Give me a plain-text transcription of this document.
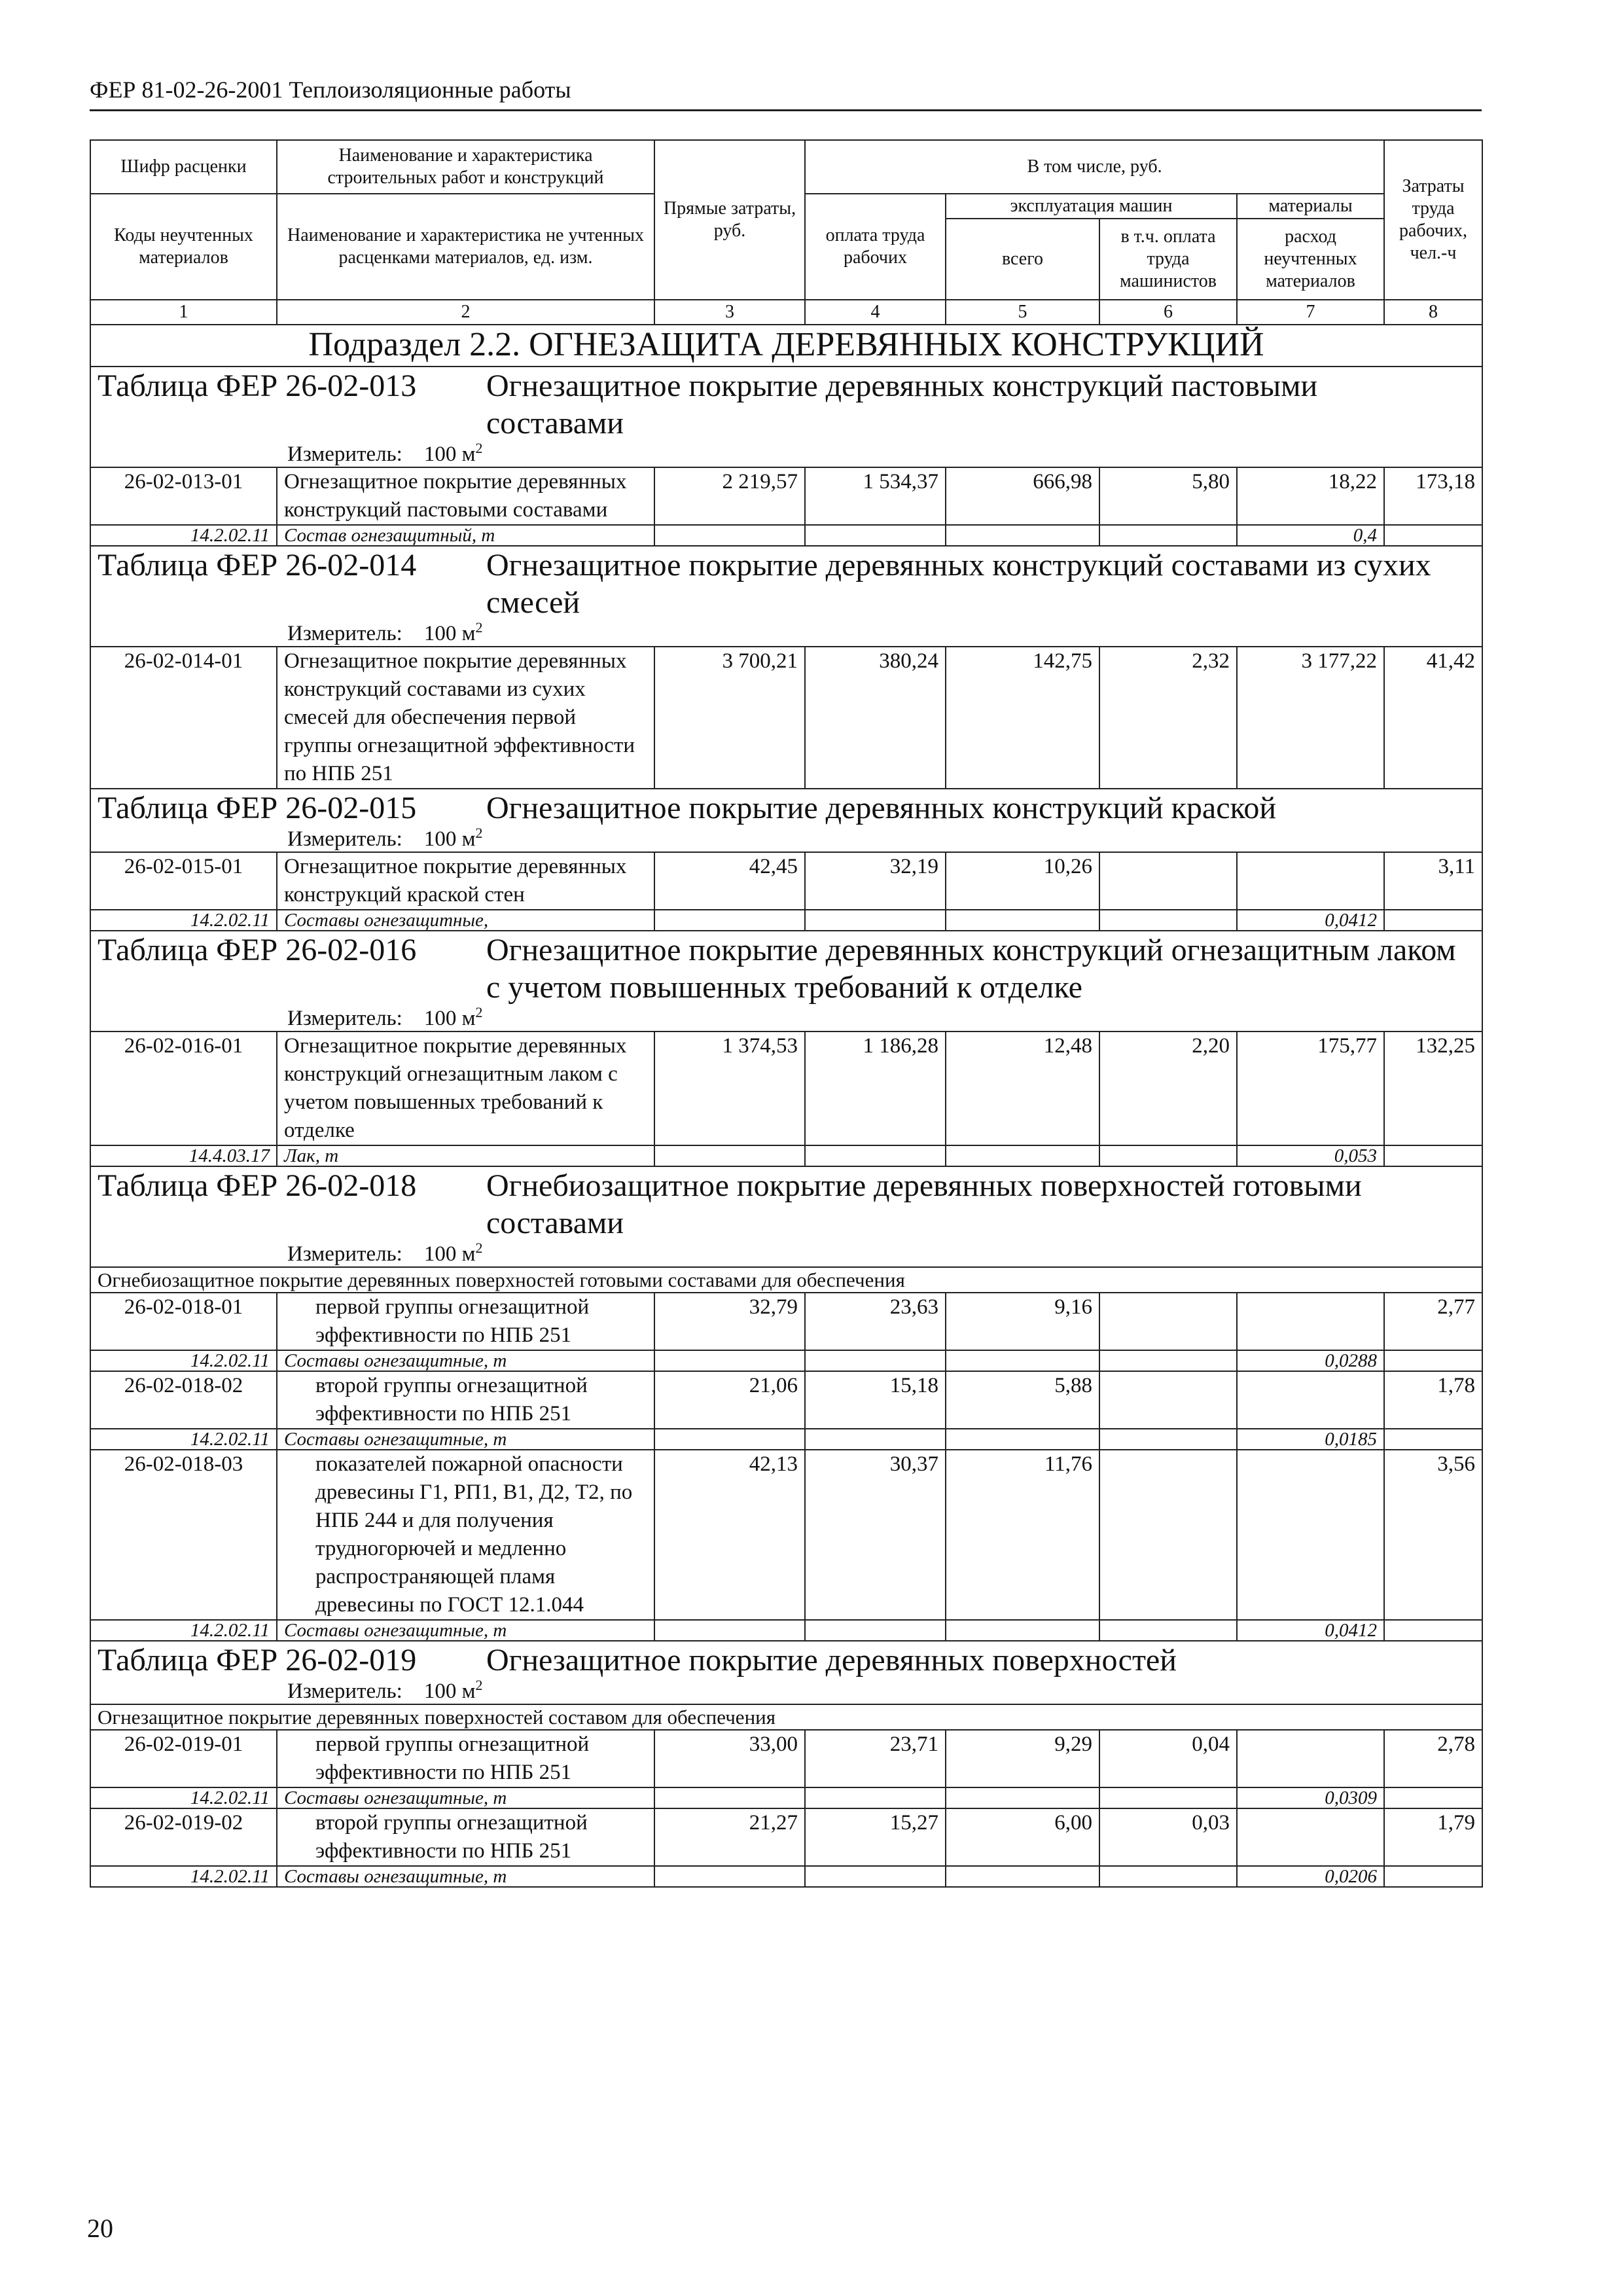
ФЕР 81-02-26-2001 Теплоизоляционные работы
Шифр расценки	Наименование и характеристика строительных работ и конструкций	Прямые затраты, руб.	В том числе, руб.				Затраты труда рабочих, чел.-ч
Коды неучтенных материалов	Наименование и характеристика не учтенных расценками материалов, ед. изм.		оплата труда рабочих	эксплуатация машин		материалы	
				всего	в т.ч. оплата труда машинистов	расход неучтенных материалов	
1	2	3	4	5	6	7	8
Подраздел 2.2. ОГНЕЗАЩИТА ДЕРЕВЯННЫХ КОНСТРУКЦИЙ							
Таблица ФЕР 26-02-013 Огнезащитное покрытие деревянных конструкций пастовыми составами
Измеритель:  100 $м^2$

26-02-013-01	Огнезащитное покрытие деревянных конструкций пастовыми составами	2 219,57	1 534,37	666,98	5,80	18,22	173,18
14.2.02.11	Состав огнезащитный, т					0,4	
Таблица ФЕР 26-02-014 Огнезащитное покрытие деревянных конструкций составами из сухих смесей
Измеритель:  100 $м^2$

26-02-014-01	Огнезащитное покрытие деревянных конструкций составами из сухих смесей для обеспечения первой группы огнезащитной эффективности по НПБ 251	3 700,21	380,24	142,75	2,32	3 177,22	41,42
Таблица ФЕР 26-02-015 Огнезащитное покрытие деревянных конструкций краской
Измеритель:  100 $м^2$

26-02-015-01	Огнезащитное покрытие деревянных конструкций краской стен	42,45	32,19	10,26			3,11
14.2.02.11	Составы огнезащитные,					0,0412	
Таблица ФЕР 26-02-016 Огнезащитное покрытие деревянных конструкций огнезащитным лаком с учетом повышенных требований к отделке
Измеритель:  100 $м^2$

26-02-016-01	Огнезащитное покрытие деревянных конструкций огнезащитным лаком с учетом повышенных требований к отделке	1 374,53	1 186,28	12,48	2,20	175,77	132,25
14.4.03.17	Лак, т					0,053	
Таблица ФЕР 26-02-018 Огнебиозащитное покрытие деревянных поверхностей готовыми составами
Измеритель:  100 $м^2$

Огнебиозащитное покрытие деревянных поверхностей готовыми составами для обеспечения							
26-02-018-01	первой группы огнезащитной эффективности по НПБ 251	32,79	23,63	9,16			2,77
14.2.02.11	Составы огнезащитные, т					0,0288	
26-02-018-02	второй группы огнезащитной эффективности по НПБ 251	21,06	15,18	5,88			1,78
14.2.02.11	Составы огнезащитные, т					0,0185	
26-02-018-03	показателей пожарной опасности древесины Г1, РП1, В1, Д2, Т2, по НПБ 244 и для получения трудногорючей и медленно распространяющей пламя древесины по ГОСТ 12.1.044	42,13	30,37	11,76			3,56
14.2.02.11	Составы огнезащитные, т					0,0412	
Таблица ФЕР 26-02-019 Огнезащитное покрытие деревянных поверхностей
Измеритель:  100 $м^2$

Огнезащитное покрытие деревянных поверхностей составом для обеспечения							
26-02-019-01	первой группы огнезащитной эффективности по НПБ 251	33,00	23,71	9,29	0,04		2,78
14.2.02.11	Составы огнезащитные, т					0,0309	
26-02-019-02	второй группы огнезащитной эффективности по НПБ 251	21,27	15,27	6,00	0,03		1,79
14.2.02.11	Составы огнезащитные, т					0,0206	
20
